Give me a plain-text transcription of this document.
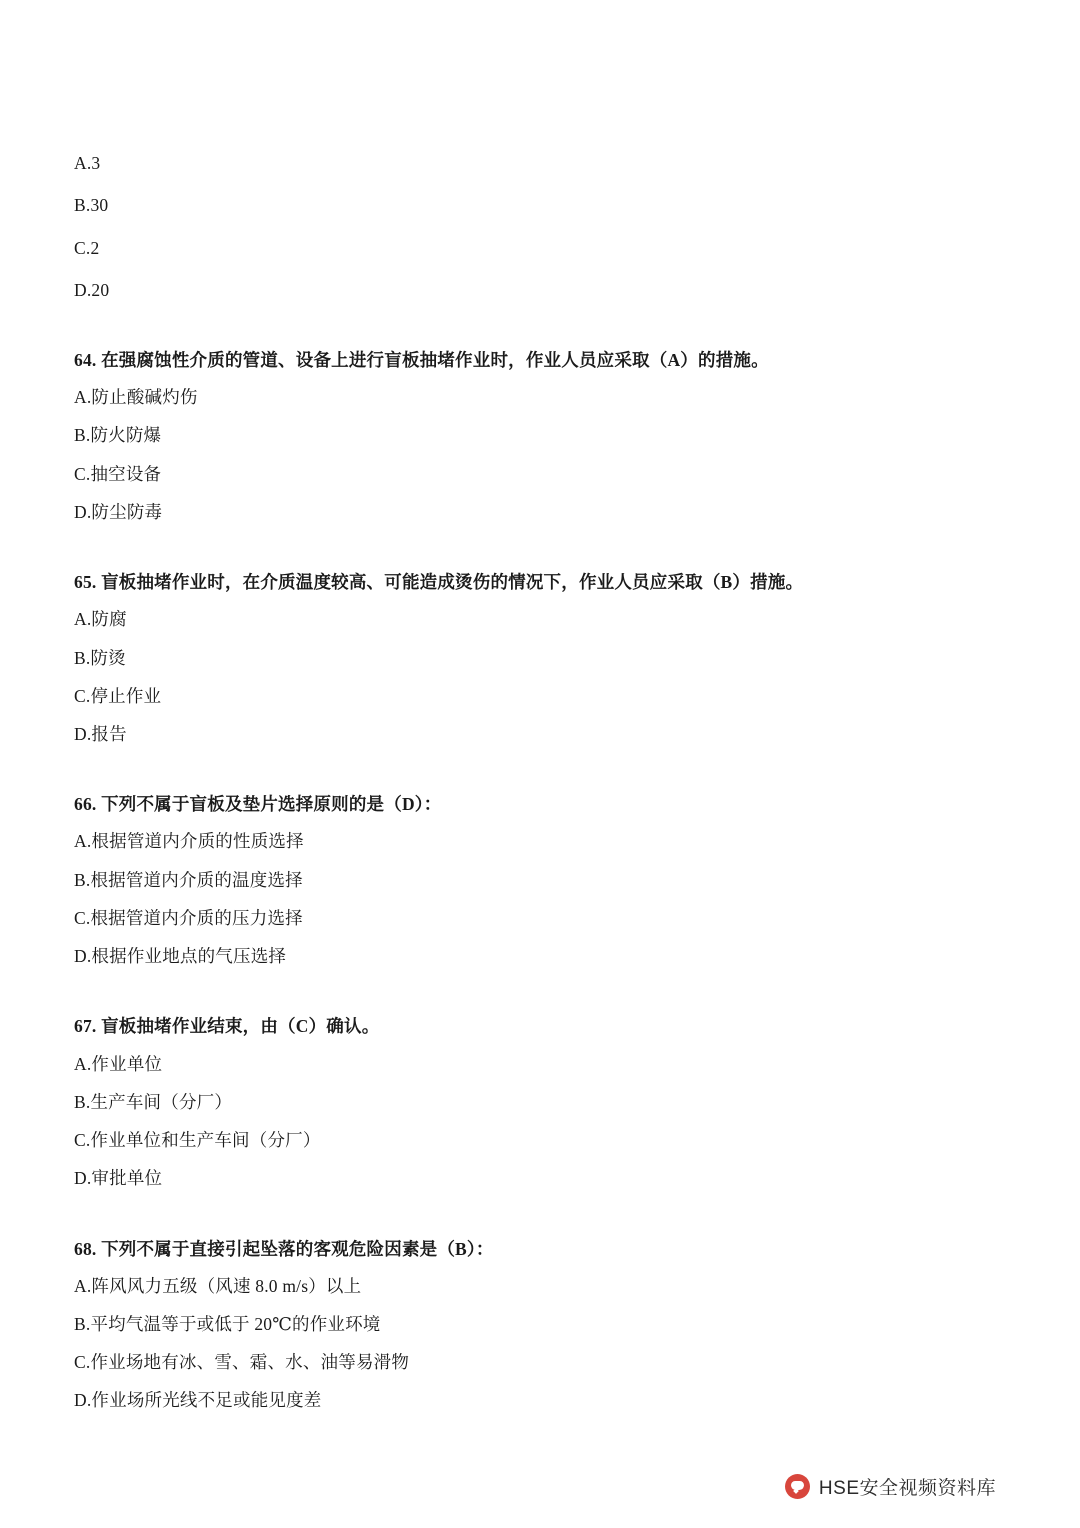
A.3

B.30

C.2

D.20

64. 在强腐蚀性介质的管道、设备上进行盲板抽堵作业时，作业人员应采取（A）的措施。

A.防止酸碱灼伤

B.防火防爆

C.抽空设备

D.防尘防毒

65. 盲板抽堵作业时，在介质温度较高、可能造成烫伤的情况下，作业人员应采取（B）措施。

A.防腐

B.防烫

C.停止作业

D.报告

66. 下列不属于盲板及垫片选择原则的是（D）：

A.根据管道内介质的性质选择

B.根据管道内介质的温度选择

C.根据管道内介质的压力选择

D.根据作业地点的气压选择

67. 盲板抽堵作业结束，由（C）确认。

A.作业单位

B.生产车间（分厂）

C.作业单位和生产车间（分厂）

D.审批单位

68. 下列不属于直接引起坠落的客观危险因素是（B）：

A.阵风风力五级（风速 8.0 m/s）以上

B.平均气温等于或低于 20℃的作业环境

C.作业场地有冰、雪、霜、水、油等易滑物

D.作业场所光线不足或能见度差

HSE安全视频资料库
